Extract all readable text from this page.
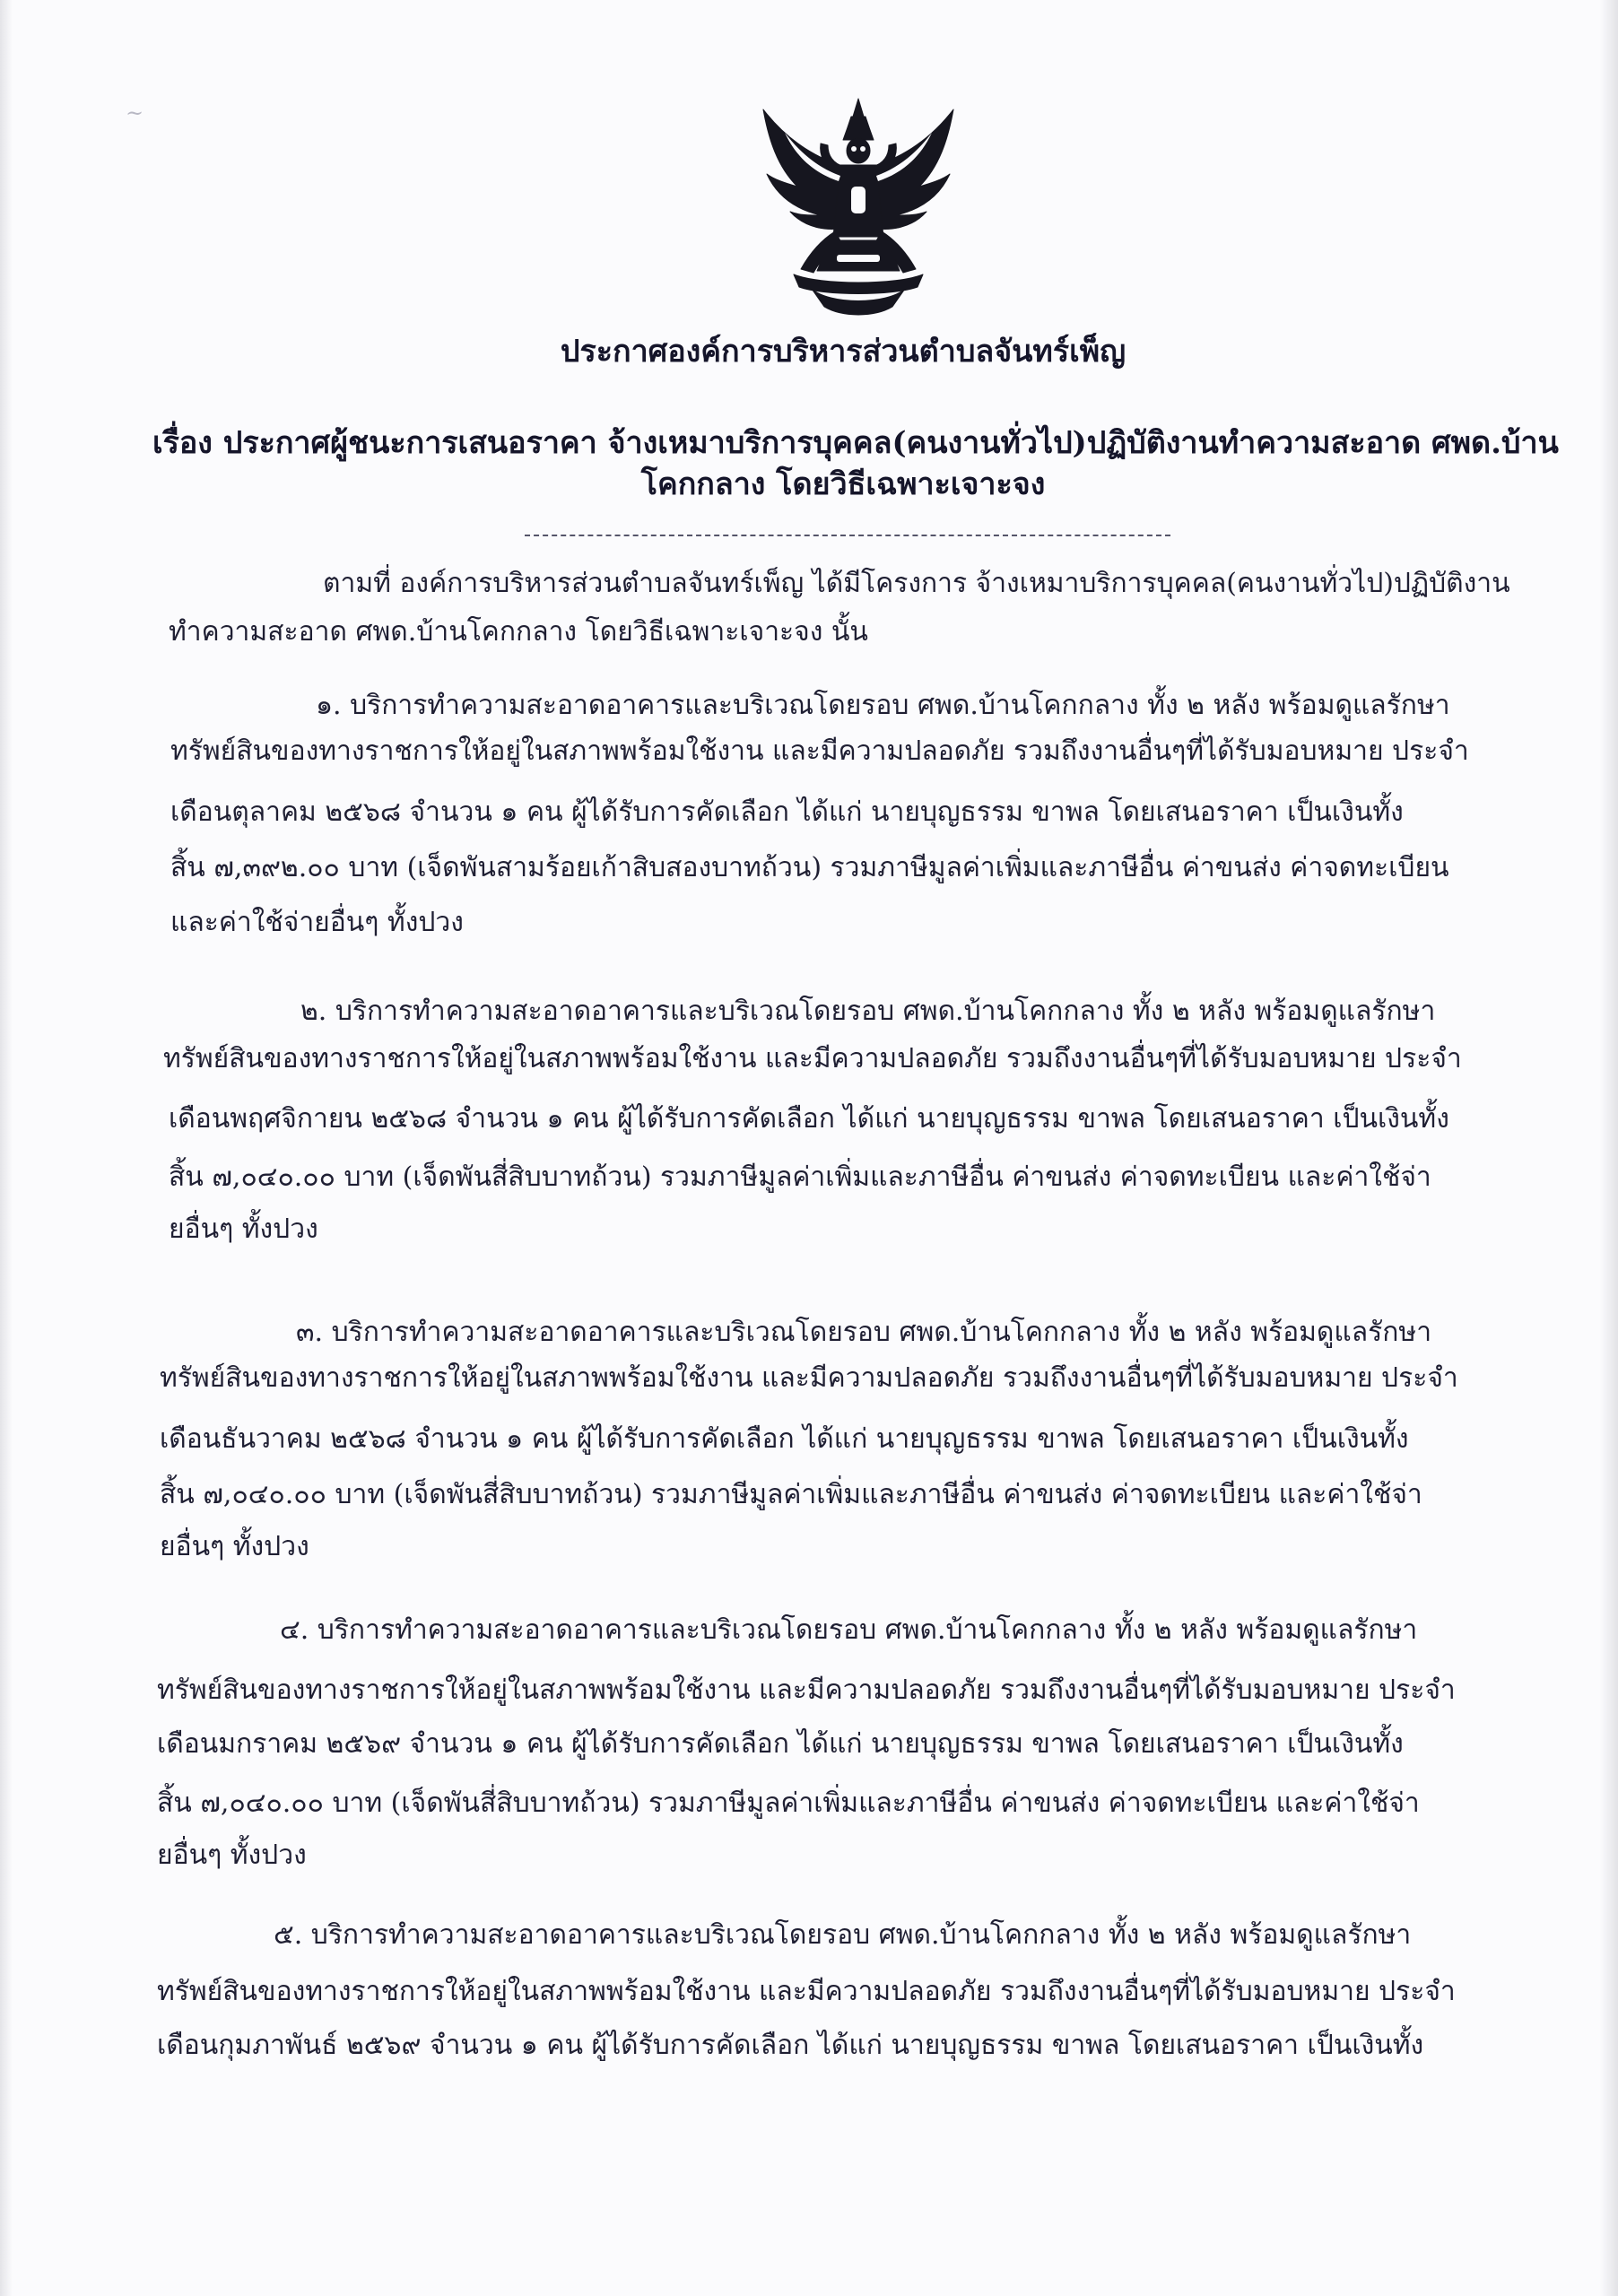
~
ประกาศองค์การบริหารส่วนตำบลจันทร์เพ็ญ
เรื่อง ประกาศผู้ชนะการเสนอราคา จ้างเหมาบริการบุคคล(คนงานทั่วไป)ปฏิบัติงานทำความสะอาด ศพด.บ้าน
โคกกลาง โดยวิธีเฉพาะเจาะจง
ตามที่ องค์การบริหารส่วนตำบลจันทร์เพ็ญ ได้มีโครงการ จ้างเหมาบริการบุคคล(คนงานทั่วไป)ปฏิบัติงาน
ทำความสะอาด ศพด.บ้านโคกกลาง โดยวิธีเฉพาะเจาะจง นั้น
๑. บริการทำความสะอาดอาคารและบริเวณโดยรอบ ศพด.บ้านโคกกลาง ทั้ง ๒ หลัง พร้อมดูแลรักษา
ทรัพย์สินของทางราชการให้อยู่ในสภาพพร้อมใช้งาน และมีความปลอดภัย รวมถึงงานอื่นๆที่ได้รับมอบหมาย ประจำ
เดือนตุลาคม ๒๕๖๘ จำนวน ๑ คน ผู้ได้รับการคัดเลือก ได้แก่ นายบุญธรรม ขาพล โดยเสนอราคา เป็นเงินทั้ง
สิ้น ๗,๓๙๒.๐๐ บาท (เจ็ดพันสามร้อยเก้าสิบสองบาทถ้วน) รวมภาษีมูลค่าเพิ่มและภาษีอื่น ค่าขนส่ง ค่าจดทะเบียน
และค่าใช้จ่ายอื่นๆ ทั้งปวง
๒. บริการทำความสะอาดอาคารและบริเวณโดยรอบ ศพด.บ้านโคกกลาง ทั้ง ๒ หลัง พร้อมดูแลรักษา
ทรัพย์สินของทางราชการให้อยู่ในสภาพพร้อมใช้งาน และมีความปลอดภัย รวมถึงงานอื่นๆที่ได้รับมอบหมาย ประจำ
เดือนพฤศจิกายน ๒๕๖๘ จำนวน ๑ คน ผู้ได้รับการคัดเลือก ได้แก่ นายบุญธรรม ขาพล โดยเสนอราคา เป็นเงินทั้ง
สิ้น ๗,๐๔๐.๐๐ บาท (เจ็ดพันสี่สิบบาทถ้วน) รวมภาษีมูลค่าเพิ่มและภาษีอื่น ค่าขนส่ง ค่าจดทะเบียน และค่าใช้จ่า
ยอื่นๆ ทั้งปวง
๓. บริการทำความสะอาดอาคารและบริเวณโดยรอบ ศพด.บ้านโคกกลาง ทั้ง ๒ หลัง พร้อมดูแลรักษา
ทรัพย์สินของทางราชการให้อยู่ในสภาพพร้อมใช้งาน และมีความปลอดภัย รวมถึงงานอื่นๆที่ได้รับมอบหมาย ประจำ
เดือนธันวาคม ๒๕๖๘ จำนวน ๑ คน ผู้ได้รับการคัดเลือก ได้แก่ นายบุญธรรม ขาพล โดยเสนอราคา เป็นเงินทั้ง
สิ้น ๗,๐๔๐.๐๐ บาท (เจ็ดพันสี่สิบบาทถ้วน) รวมภาษีมูลค่าเพิ่มและภาษีอื่น ค่าขนส่ง ค่าจดทะเบียน และค่าใช้จ่า
ยอื่นๆ ทั้งปวง
๔. บริการทำความสะอาดอาคารและบริเวณโดยรอบ ศพด.บ้านโคกกลาง ทั้ง ๒ หลัง พร้อมดูแลรักษา
ทรัพย์สินของทางราชการให้อยู่ในสภาพพร้อมใช้งาน และมีความปลอดภัย รวมถึงงานอื่นๆที่ได้รับมอบหมาย ประจำ
เดือนมกราคม ๒๕๖๙ จำนวน ๑ คน ผู้ได้รับการคัดเลือก ได้แก่ นายบุญธรรม ขาพล โดยเสนอราคา เป็นเงินทั้ง
สิ้น ๗,๐๔๐.๐๐ บาท (เจ็ดพันสี่สิบบาทถ้วน) รวมภาษีมูลค่าเพิ่มและภาษีอื่น ค่าขนส่ง ค่าจดทะเบียน และค่าใช้จ่า
ยอื่นๆ ทั้งปวง
๕. บริการทำความสะอาดอาคารและบริเวณโดยรอบ ศพด.บ้านโคกกลาง ทั้ง ๒ หลัง พร้อมดูแลรักษา
ทรัพย์สินของทางราชการให้อยู่ในสภาพพร้อมใช้งาน และมีความปลอดภัย รวมถึงงานอื่นๆที่ได้รับมอบหมาย ประจำ
เดือนกุมภาพันธ์ ๒๕๖๙ จำนวน ๑ คน ผู้ได้รับการคัดเลือก ได้แก่ นายบุญธรรม ขาพล โดยเสนอราคา เป็นเงินทั้ง
